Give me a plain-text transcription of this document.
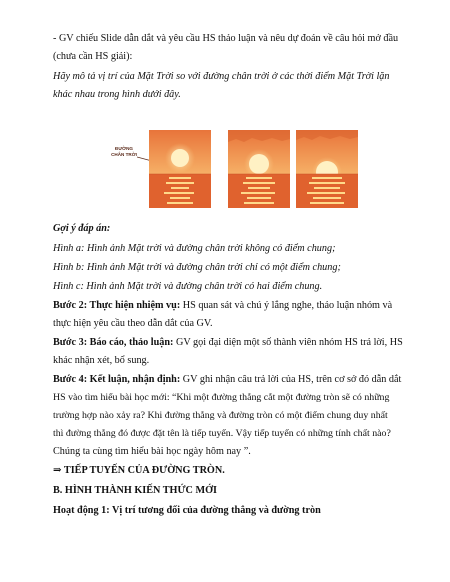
- GV chiếu Slide dẫn dắt và yêu cầu HS thảo luận và nêu dự đoán về câu hỏi mở đầu

(chưa cần HS giải):

Hãy mô tả vị trí của Mặt Trời so với đường chân trời ở các thời điểm Mặt Trời lặn

khác nhau trong hình dưới đây.

ĐƯỜNG
CHÂN TRỜI

Gợi ý đáp án:

Hình a: Hình ảnh Mặt trời và đường chân trời không có điểm chung;

Hình b: Hình ảnh Mặt trời và đường chân trời chỉ có một điểm chung;

Hình c: Hình ảnh Mặt trời và đường chân trời có hai điểm chung.

Bước 2: Thực hiện nhiệm vụ: HS quan sát và chú ý lắng nghe, thảo luận nhóm và

thực hiện yêu cầu theo dẫn dắt của GV.

Bước 3: Báo cáo, thảo luận: GV gọi đại diện một số thành viên nhóm HS trả lời, HS

khác nhận xét, bổ sung.

Bước 4: Kết luận, nhận định: GV ghi nhận câu trả lời của HS, trên cơ sở đó dẫn dắt

HS vào tìm hiểu bài học mới: “Khi một đường thẳng cắt một đường tròn sẽ có những

trường hợp nào xảy ra? Khi đường thẳng và đường tròn có một điểm chung duy nhất

thì đường thẳng đó được đặt tên là tiếp tuyến. Vậy tiếp tuyến có những tính chất nào?

Chúng ta cùng tìm hiểu bài học ngày hôm nay ”.

⇒ TIẾP TUYẾN CỦA ĐƯỜNG TRÒN.

B. HÌNH THÀNH KIẾN THỨC MỚI

Hoạt động 1: Vị trí tương đối của đường thẳng và đường tròn
